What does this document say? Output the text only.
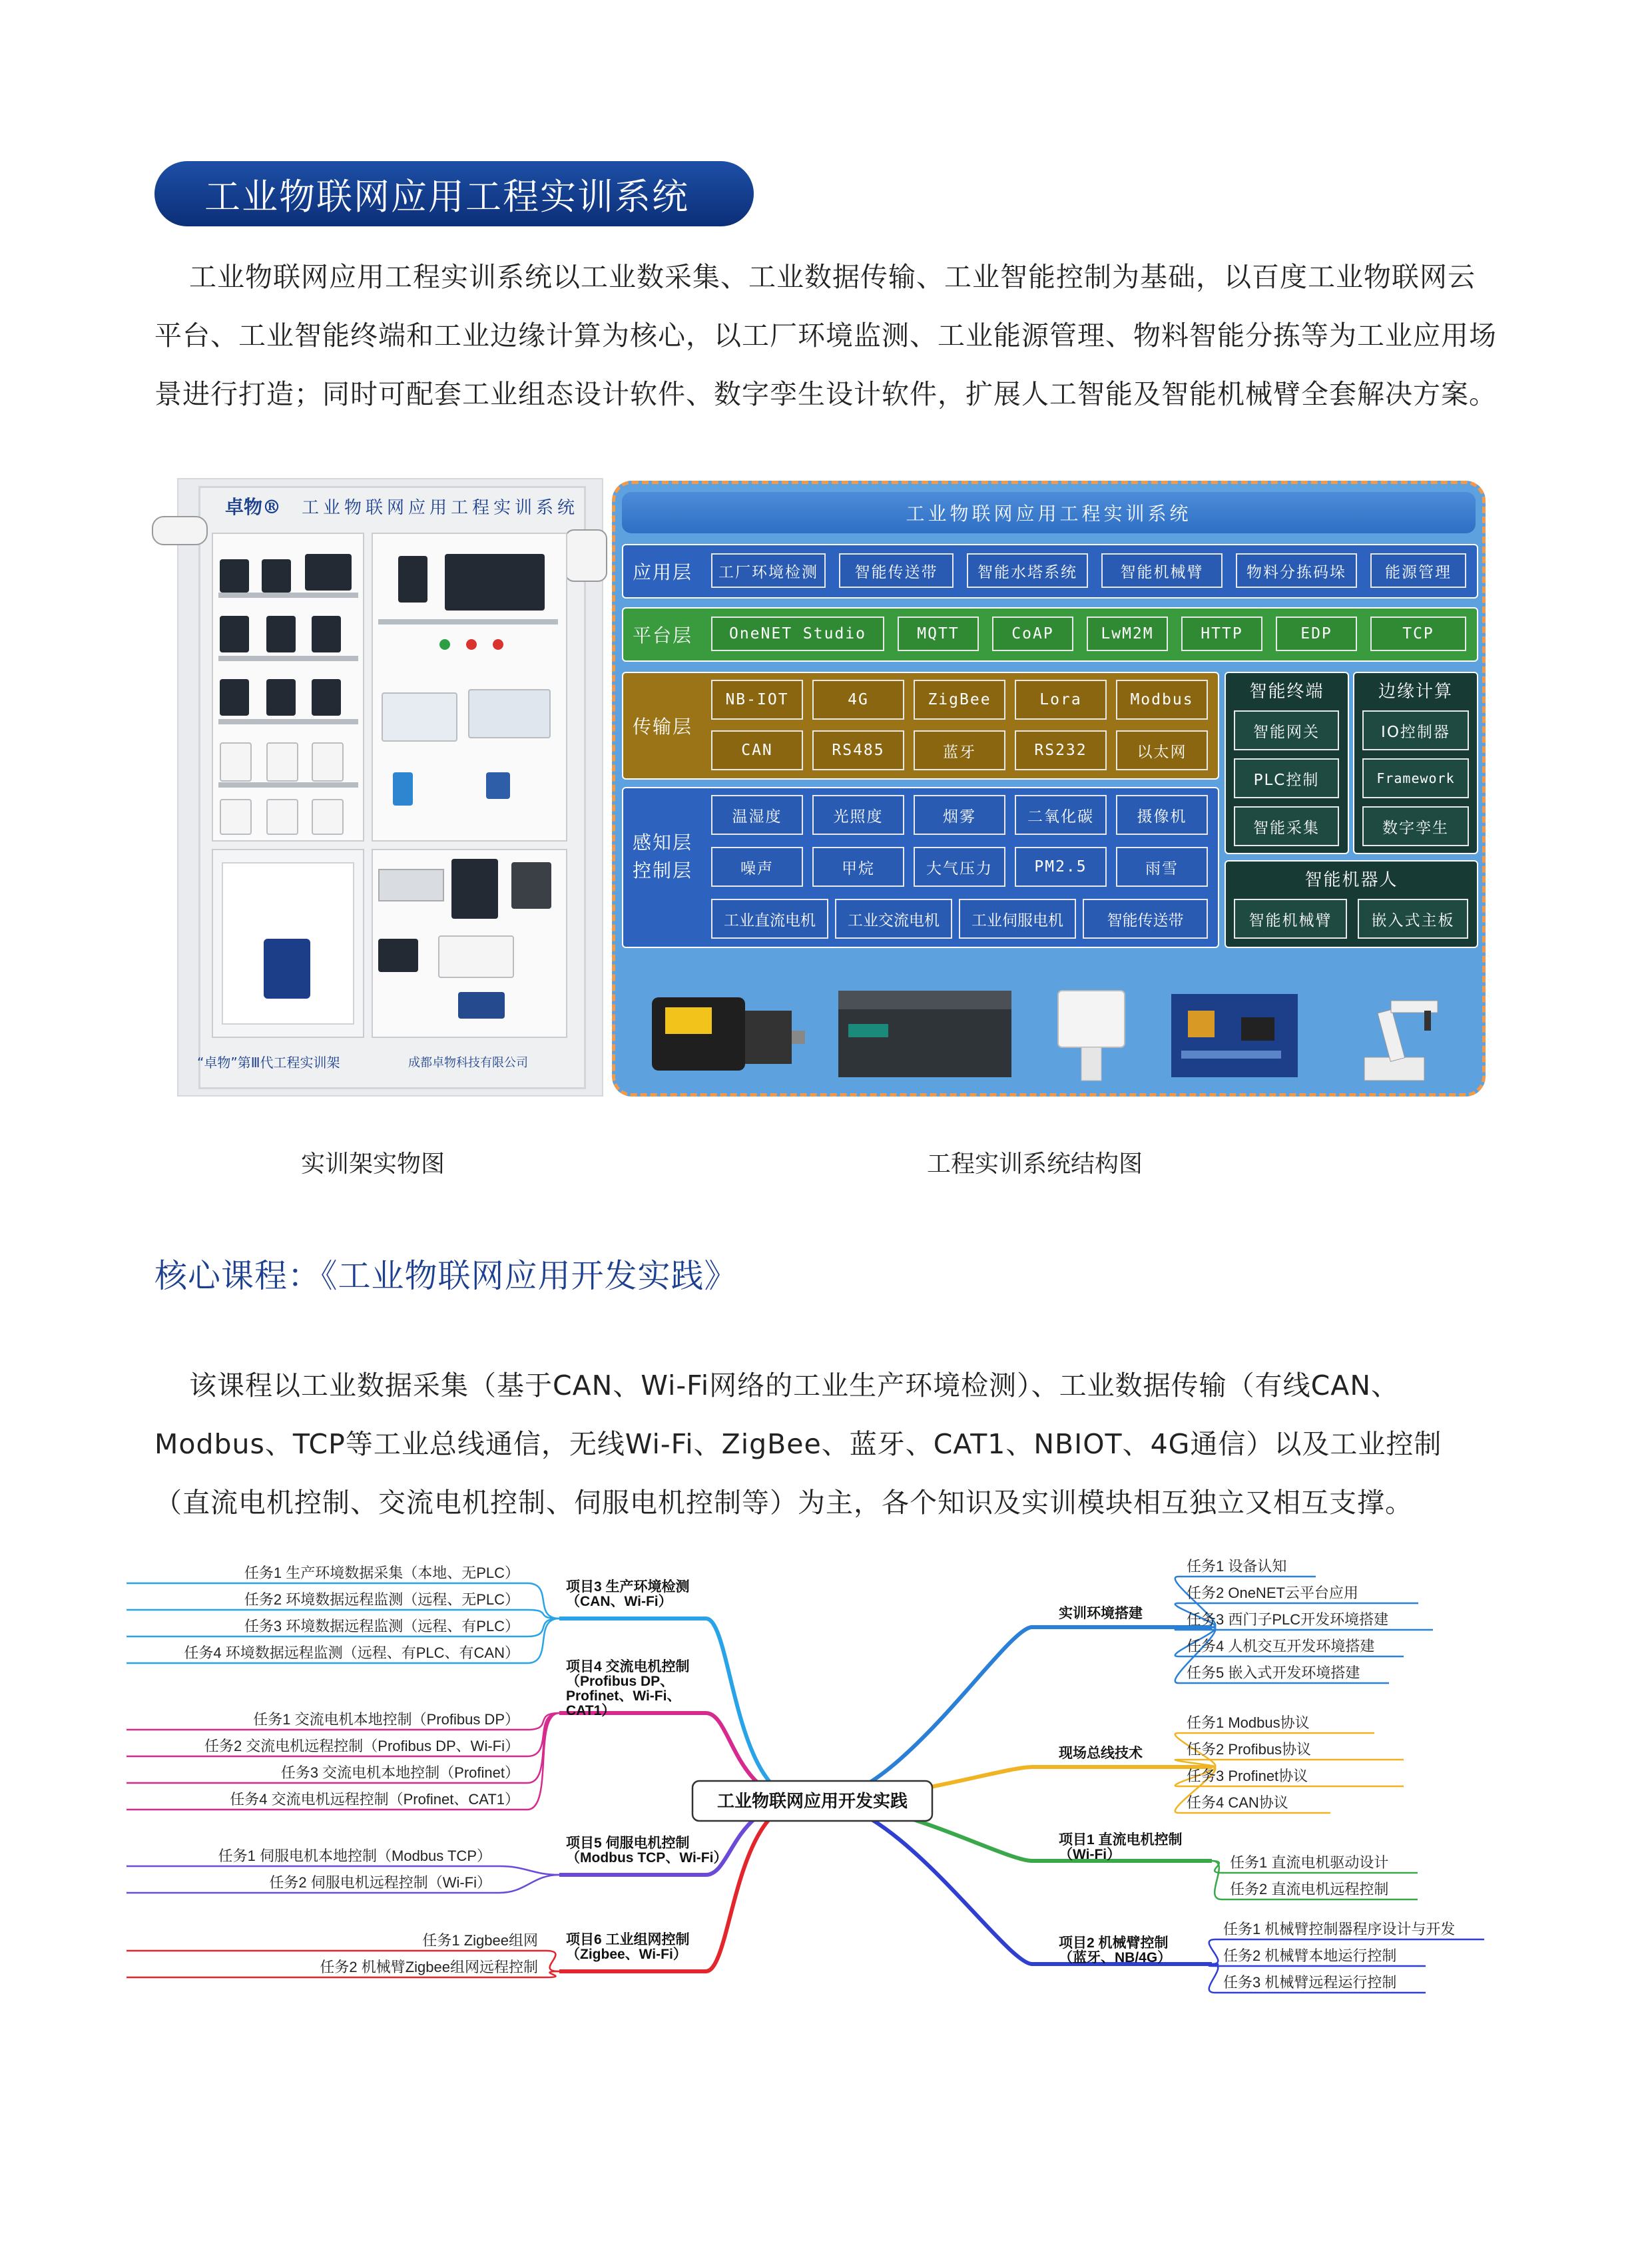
工业物联网应用工程实训系统
工业物联网应用工程实训系统以工业数采集、工业数据传输、工业智能控制为基础，以百度工业物联网云平台、工业智能终端和工业边缘计算为核心，以工厂环境监测、工业能源管理、物料智能分拣等为工业应用场景进行打造；同时可配套工业组态设计软件、数字孪生设计软件，扩展人工智能及智能机械臂全套解决方案。
卓物® 工业物联网应用工程实训系统
“卓物”第Ⅲ代工程实训架	成都卓物科技有限公司
实训架实物图
工业物联网应用工程实训系统
应用层	工厂环境检测	智能传送带	智能水塔系统	智能机械臂	物料分拣码垛	能源管理
平台层	OneNET Studio	MQTT	CoAP	LwM2M	HTTP	EDP	TCP
传输层
NB-IOT	4G	ZigBee	Lora	Modbus
CAN	RS485	蓝牙	RS232	以太网
感知层
控制层
温湿度	光照度	烟雾	二氧化碳	摄像机
噪声	甲烷	大气压力	PM2.5	雨雪
工业直流电机	工业交流电机	工业伺服电机	智能传送带
智能终端
智能网关
PLC控制
智能采集
边缘计算
IO控制器
Framework
数字孪生
智能机器人
智能机械臂	嵌入式主板
工程实训系统结构图
核心课程：《工业物联网应用开发实践》
该课程以工业数据采集（基于CAN、Wi-Fi网络的工业生产环境检测）、工业数据传输（有线CAN、Modbus、TCP等工业总线通信，无线Wi-Fi、ZigBee、蓝牙、CAT1、NBIOT、4G通信）以及工业控制（直流电机控制、交流电机控制、伺服电机控制等）为主，各个知识及实训模块相互独立又相互支撑。
项目3 生产环境检测
（CAN、Wi-Fi）
任务1 生产环境数据采集（本地、无PLC）
任务2 环境数据远程监测（远程、无PLC）
任务3 环境数据远程监测（远程、有PLC）
任务4 环境数据远程监测（远程、有PLC、有CAN）
项目4 交流电机控制
（Profibus DP、
Profinet、Wi-Fi、
CAT1）
任务1 交流电机本地控制（Profibus DP）
任务2 交流电机远程控制（Profibus DP、Wi-Fi）
任务3 交流电机本地控制（Profinet）
任务4 交流电机远程控制（Profinet、CAT1）
项目5 伺服电机控制
（Modbus TCP、Wi-Fi）
任务1 伺服电机本地控制（Modbus TCP）
任务2 伺服电机远程控制（Wi-Fi）
项目6 工业组网控制
（Zigbee、Wi-Fi）
任务1 Zigbee组网
任务2 机械臂Zigbee组网远程控制
实训环境搭建
任务1 设备认知
任务2 OneNET云平台应用
任务3 西门子PLC开发环境搭建
任务4 人机交互开发环境搭建
任务5 嵌入式开发环境搭建
现场总线技术
任务1 Modbus协议
任务2 Profibus协议
任务3 Profinet协议
任务4 CAN协议
项目1 直流电机控制
（Wi-Fi）	任务1 直流电机驱动设计
任务2 直流电机远程控制
项目2 机械臂控制
（蓝牙、NB/4G）
任务1 机械臂控制器程序设计与开发
任务2 机械臂本地运行控制
任务3 机械臂远程运行控制
工业物联网应用开发实践
